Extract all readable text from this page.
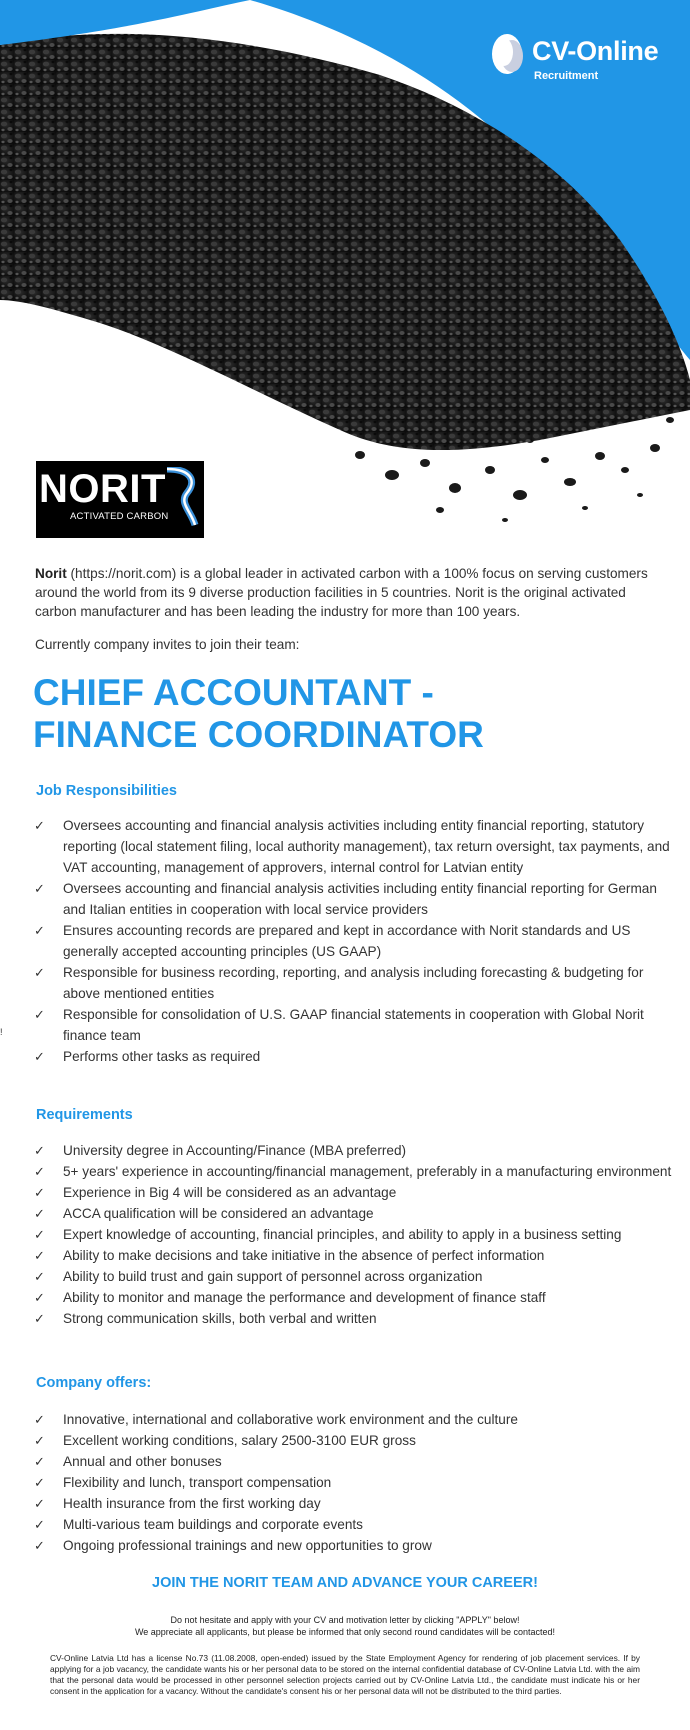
CV-Online
Recruitment
NORIT
ACTIVATED CARBON
Norit (https://norit.com) is a global leader in activated carbon with a 100% focus on serving customers around the world from its 9 diverse production facilities in 5 countries. Norit is the original activated carbon manufacturer and has been leading the industry for more than 100 years.
Currently company invites to join their team:
CHIEF ACCOUNTANT -
FINANCE COORDINATOR
Job Responsibilities
✓	Oversees accounting and financial analysis activities including entity financial reporting, statutory reporting (local statement filing, local authority management), tax return oversight, tax payments, and VAT accounting, management of approvers, internal control for Latvian entity
✓	Oversees accounting and financial analysis activities including entity financial reporting for German and Italian entities in cooperation with local service providers
✓	Ensures accounting records are prepared and kept in accordance with Norit standards and US generally accepted accounting principles (US GAAP)
✓	Responsible for business recording, reporting, and analysis including forecasting & budgeting for above mentioned entities
✓	Responsible for consolidation of U.S. GAAP financial statements in cooperation with Global Norit finance team
✓	Performs other tasks as required
!
Requirements
✓	University degree in Accounting/Finance (MBA preferred)
✓	5+ years' experience in accounting/financial management, preferably in a manufacturing environment
✓	Experience in Big 4 will be considered as an advantage
✓	ACCA qualification will be considered an advantage
✓	Expert knowledge of accounting, financial principles, and ability to apply in a business setting
✓	Ability to make decisions and take initiative in the absence of perfect information
✓	Ability to build trust and gain support of personnel across organization
✓	Ability to monitor and manage the performance and development of finance staff
✓	Strong communication skills, both verbal and written
Company offers:
✓	Innovative, international and collaborative work environment and the culture
✓	Excellent working conditions, salary 2500-3100 EUR gross
✓	Annual and other bonuses
✓	Flexibility and lunch, transport compensation
✓	Health insurance from the first working day
✓	Multi-various team buildings and corporate events
✓	Ongoing professional trainings and new opportunities to grow
JOIN THE NORIT TEAM AND ADVANCE YOUR CAREER!
Do not hesitate and apply with your CV and motivation letter by clicking "APPLY" below!
We appreciate all applicants, but please be informed that only second round candidates will be contacted!
CV-Online Latvia Ltd has a license No.73 (11.08.2008, open-ended) issued by the State Employment Agency for rendering of job placement services. If by applying for a job vacancy, the candidate wants his or her personal data to be stored on the internal confidential database of CV-Online Latvia Ltd. with the aim that the personal data would be processed in other personnel selection projects carried out by CV-Online Latvia Ltd., the candidate must indicate his or her consent in the application for a vacancy. Without the candidate's consent his or her personal data will not be distributed to the third parties.
